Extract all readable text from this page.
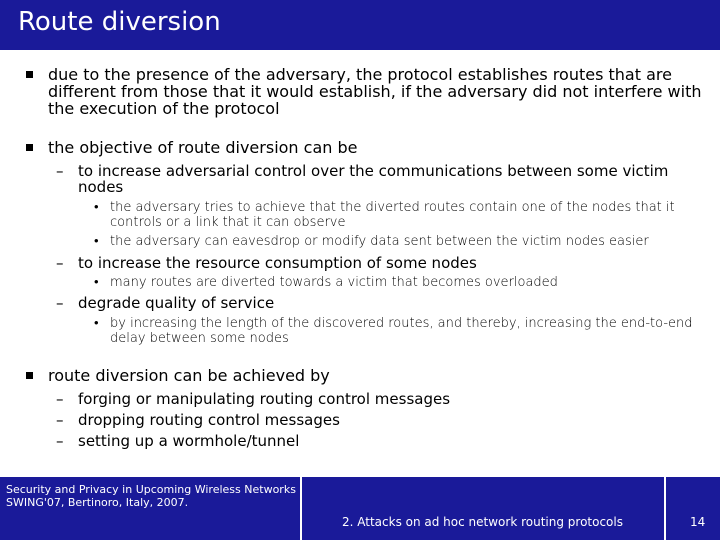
Route diversion
due to the presence of the adversary, the protocol establishes routes that are different from those that it would establish, if the adversary did not interfere with the execution of the protocol
the objective of route diversion can be
– to increase adversarial control over the communications between some victim nodes
• the adversary tries to achieve that the diverted routes contain one of the nodes that it controls or a link that it can observe
• the adversary can eavesdrop or modify data sent between the victim nodes easier
– to increase the resource consumption of some nodes
• many routes are diverted towards a victim that becomes overloaded
– degrade quality of service
• by increasing the length of the discovered routes, and thereby, increasing the end-to-end delay between some nodes
route diversion can be achieved by
– forging or manipulating routing control messages
– dropping routing control messages
– setting up a wormhole/tunnel
Security and Privacy in Upcoming Wireless Networks
SWING'07, Bertinoro, Italy, 2007.
2. Attacks on ad hoc network routing protocols	14
